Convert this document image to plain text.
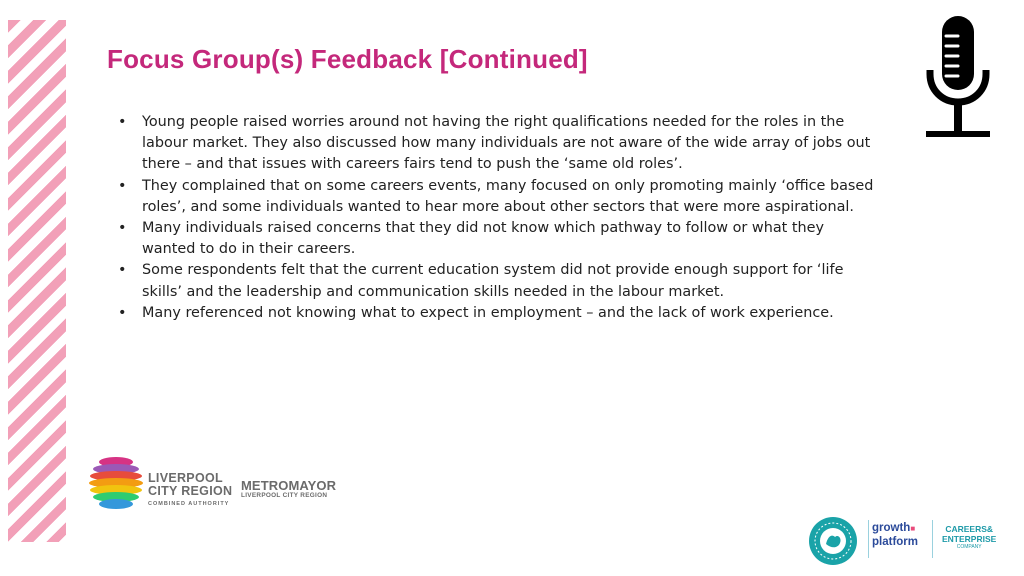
Focus Group(s) Feedback [Continued]
• Young people raised worries around not having the right qualifications needed for the roles in the
labour market. They also discussed how many individuals are not aware of the wide array of jobs out
there – and that issues with careers fairs tend to push the ‘same old roles’.
• They complained that on some careers events, many focused on only promoting mainly ‘office based
roles’, and some individuals wanted to hear more about other sectors that were more aspirational.
• Many individuals raised concerns that they did not know which pathway to follow or what they
wanted to do in their careers.
• Some respondents felt that the current education system did not provide enough support for ‘life
skills’ and the leadership and communication skills needed in the labour market.
• Many referenced not knowing what to expect in employment – and the lack of work experience.
LIVERPOOL
CITY REGION
COMBINED AUTHORITY
METROMAYOR
LIVERPOOL CITY REGION
growth■
platform
CAREERS&
ENTERPRISE
COMPANY
